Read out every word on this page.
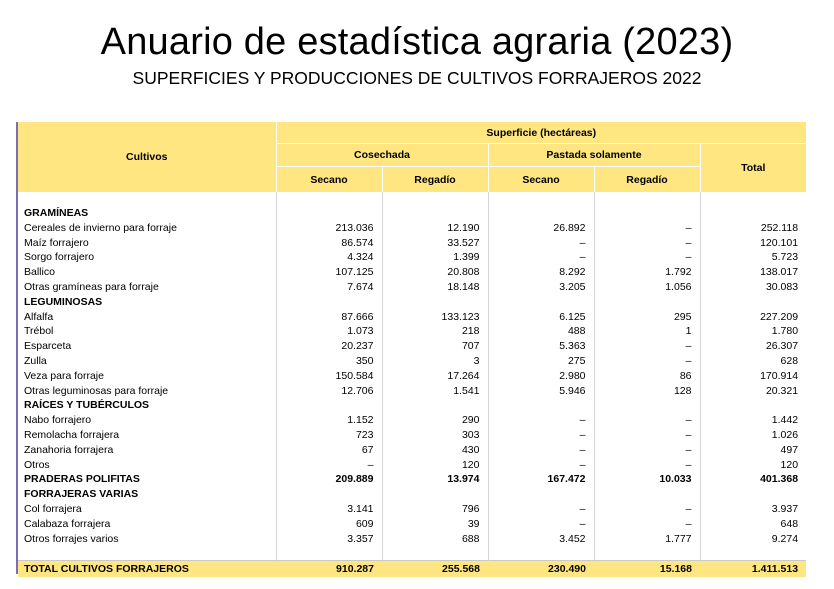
Anuario de estadística agraria (2023)
SUPERFICIES Y PRODUCCIONES DE CULTIVOS FORRAJEROS 2022
Cultivos	Superficie (hectáreas)				
	Cosechada		Pastada solamente		Total
	Secano	Regadío	Secano	Regadío	

GRAMÍNEAS					
Cereales de invierno para forraje	213.036	12.190	26.892	–	252.118
Maíz forrajero	86.574	33.527	–	–	120.101
Sorgo forrajero	4.324	1.399	–	–	5.723
Ballico	107.125	20.808	8.292	1.792	138.017
Otras gramíneas para forraje	7.674	18.148	3.205	1.056	30.083
LEGUMINOSAS					
Alfalfa	87.666	133.123	6.125	295	227.209
Trébol	1.073	218	488	1	1.780
Esparceta	20.237	707	5.363	–	26.307
Zulla	350	3	275	–	628
Veza para forraje	150.584	17.264	2.980	86	170.914
Otras leguminosas para forraje	12.706	1.541	5.946	128	20.321
RAÍCES Y TUBÉRCULOS					
Nabo forrajero	1.152	290	–	–	1.442
Remolacha forrajera	723	303	–	–	1.026
Zanahoria forrajera	67	430	–	–	497
Otros	–	120	–	–	120
PRADERAS POLIFITAS	209.889	13.974	167.472	10.033	401.368
FORRAJERAS VARIAS					
Col forrajera	3.141	796	–	–	3.937
Calabaza forrajera	609	39	–	–	648
Otros forrajes varios	3.357	688	3.452	1.777	9.274

TOTAL CULTIVOS FORRAJEROS	910.287	255.568	230.490	15.168	1.411.513
